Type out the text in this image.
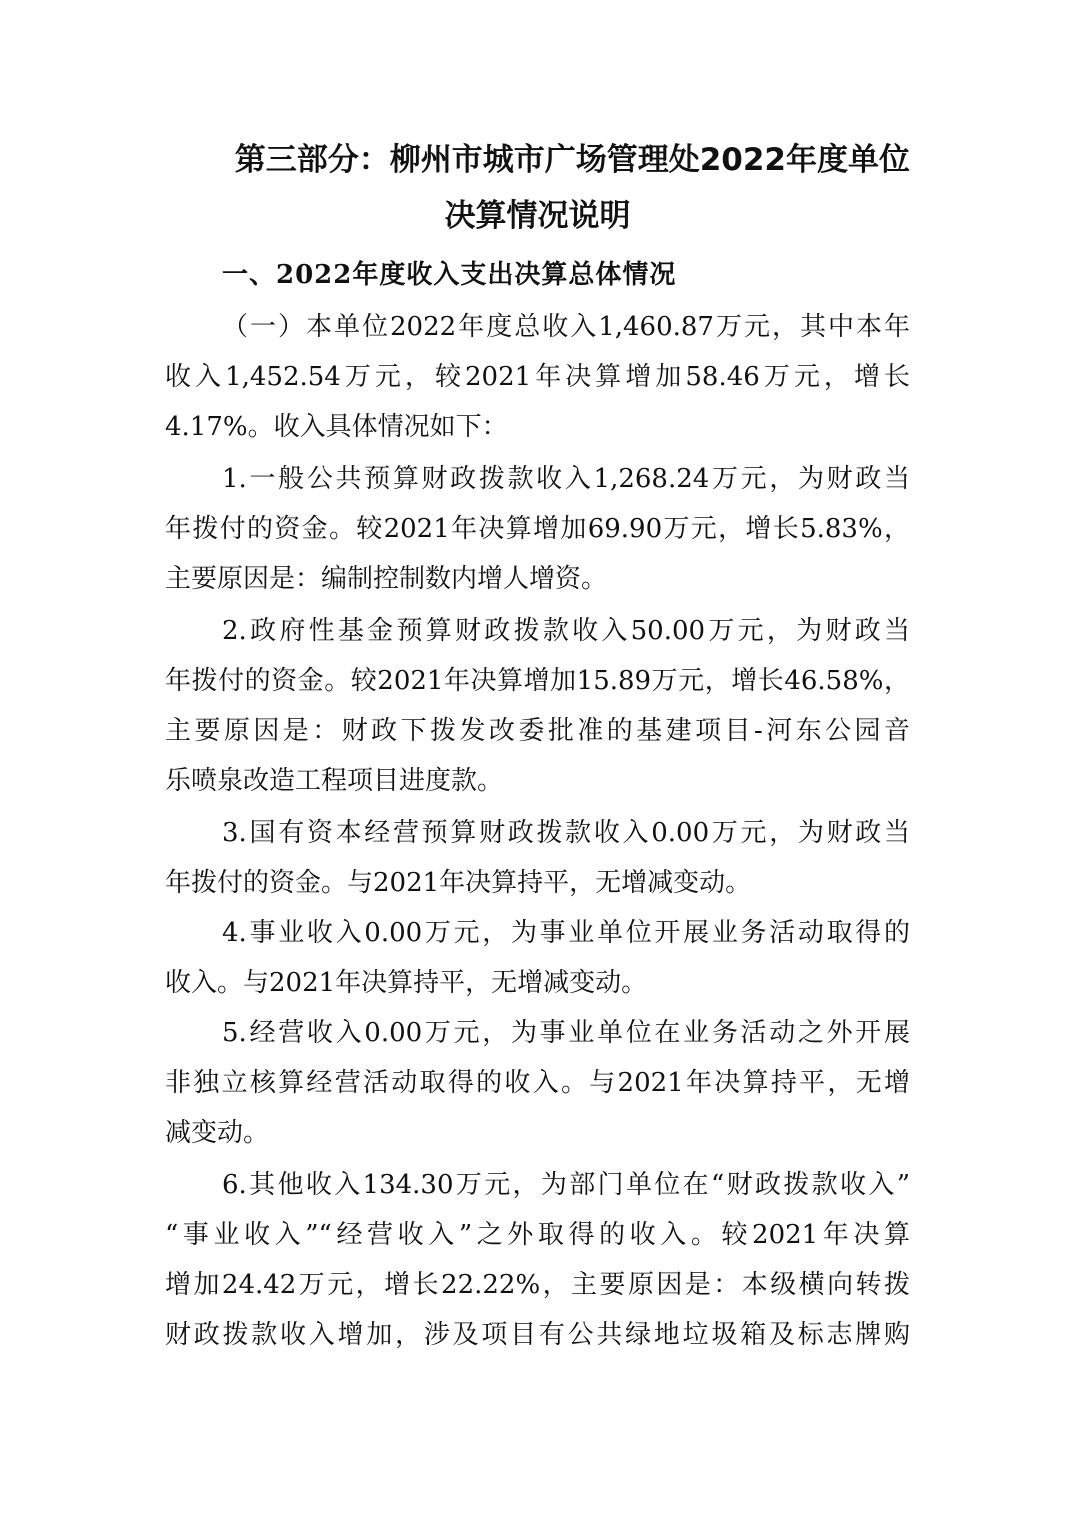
第三部分：柳州市城市广场管理处2022年度单位
决算情况说明
一、2022年度收入支出决算总体情况
（一）本单位2022年度总收入1,460.87万元，其中本年
收入1,452.54万元，较2021年决算增加58.46万元，增长
4.17%。收入具体情况如下：
1.一般公共预算财政拨款收入1,268.24万元，为财政当
年拨付的资金。较2021年决算增加69.90万元，增长5.83%，
主要原因是：编制控制数内增人增资。
2.政府性基金预算财政拨款收入50.00万元，为财政当
年拨付的资金。较2021年决算增加15.89万元，增长46.58%，
主要原因是：财政下拨发改委批准的基建项目-河东公园音
乐喷泉改造工程项目进度款。
3.国有资本经营预算财政拨款收入0.00万元，为财政当
年拨付的资金。与2021年决算持平，无增减变动。
4.事业收入0.00万元，为事业单位开展业务活动取得的
收入。与2021年决算持平，无增减变动。
5.经营收入0.00万元，为事业单位在业务活动之外开展
非独立核算经营活动取得的收入。与2021年决算持平，无增
减变动。
6.其他收入134.30万元，为部门单位在“财政拨款收入”
“事业收入”“经营收入”之外取得的收入。较2021年决算
增加24.42万元，增长22.22%，主要原因是：本级横向转拨
财政拨款收入增加，涉及项目有公共绿地垃圾箱及标志牌购
